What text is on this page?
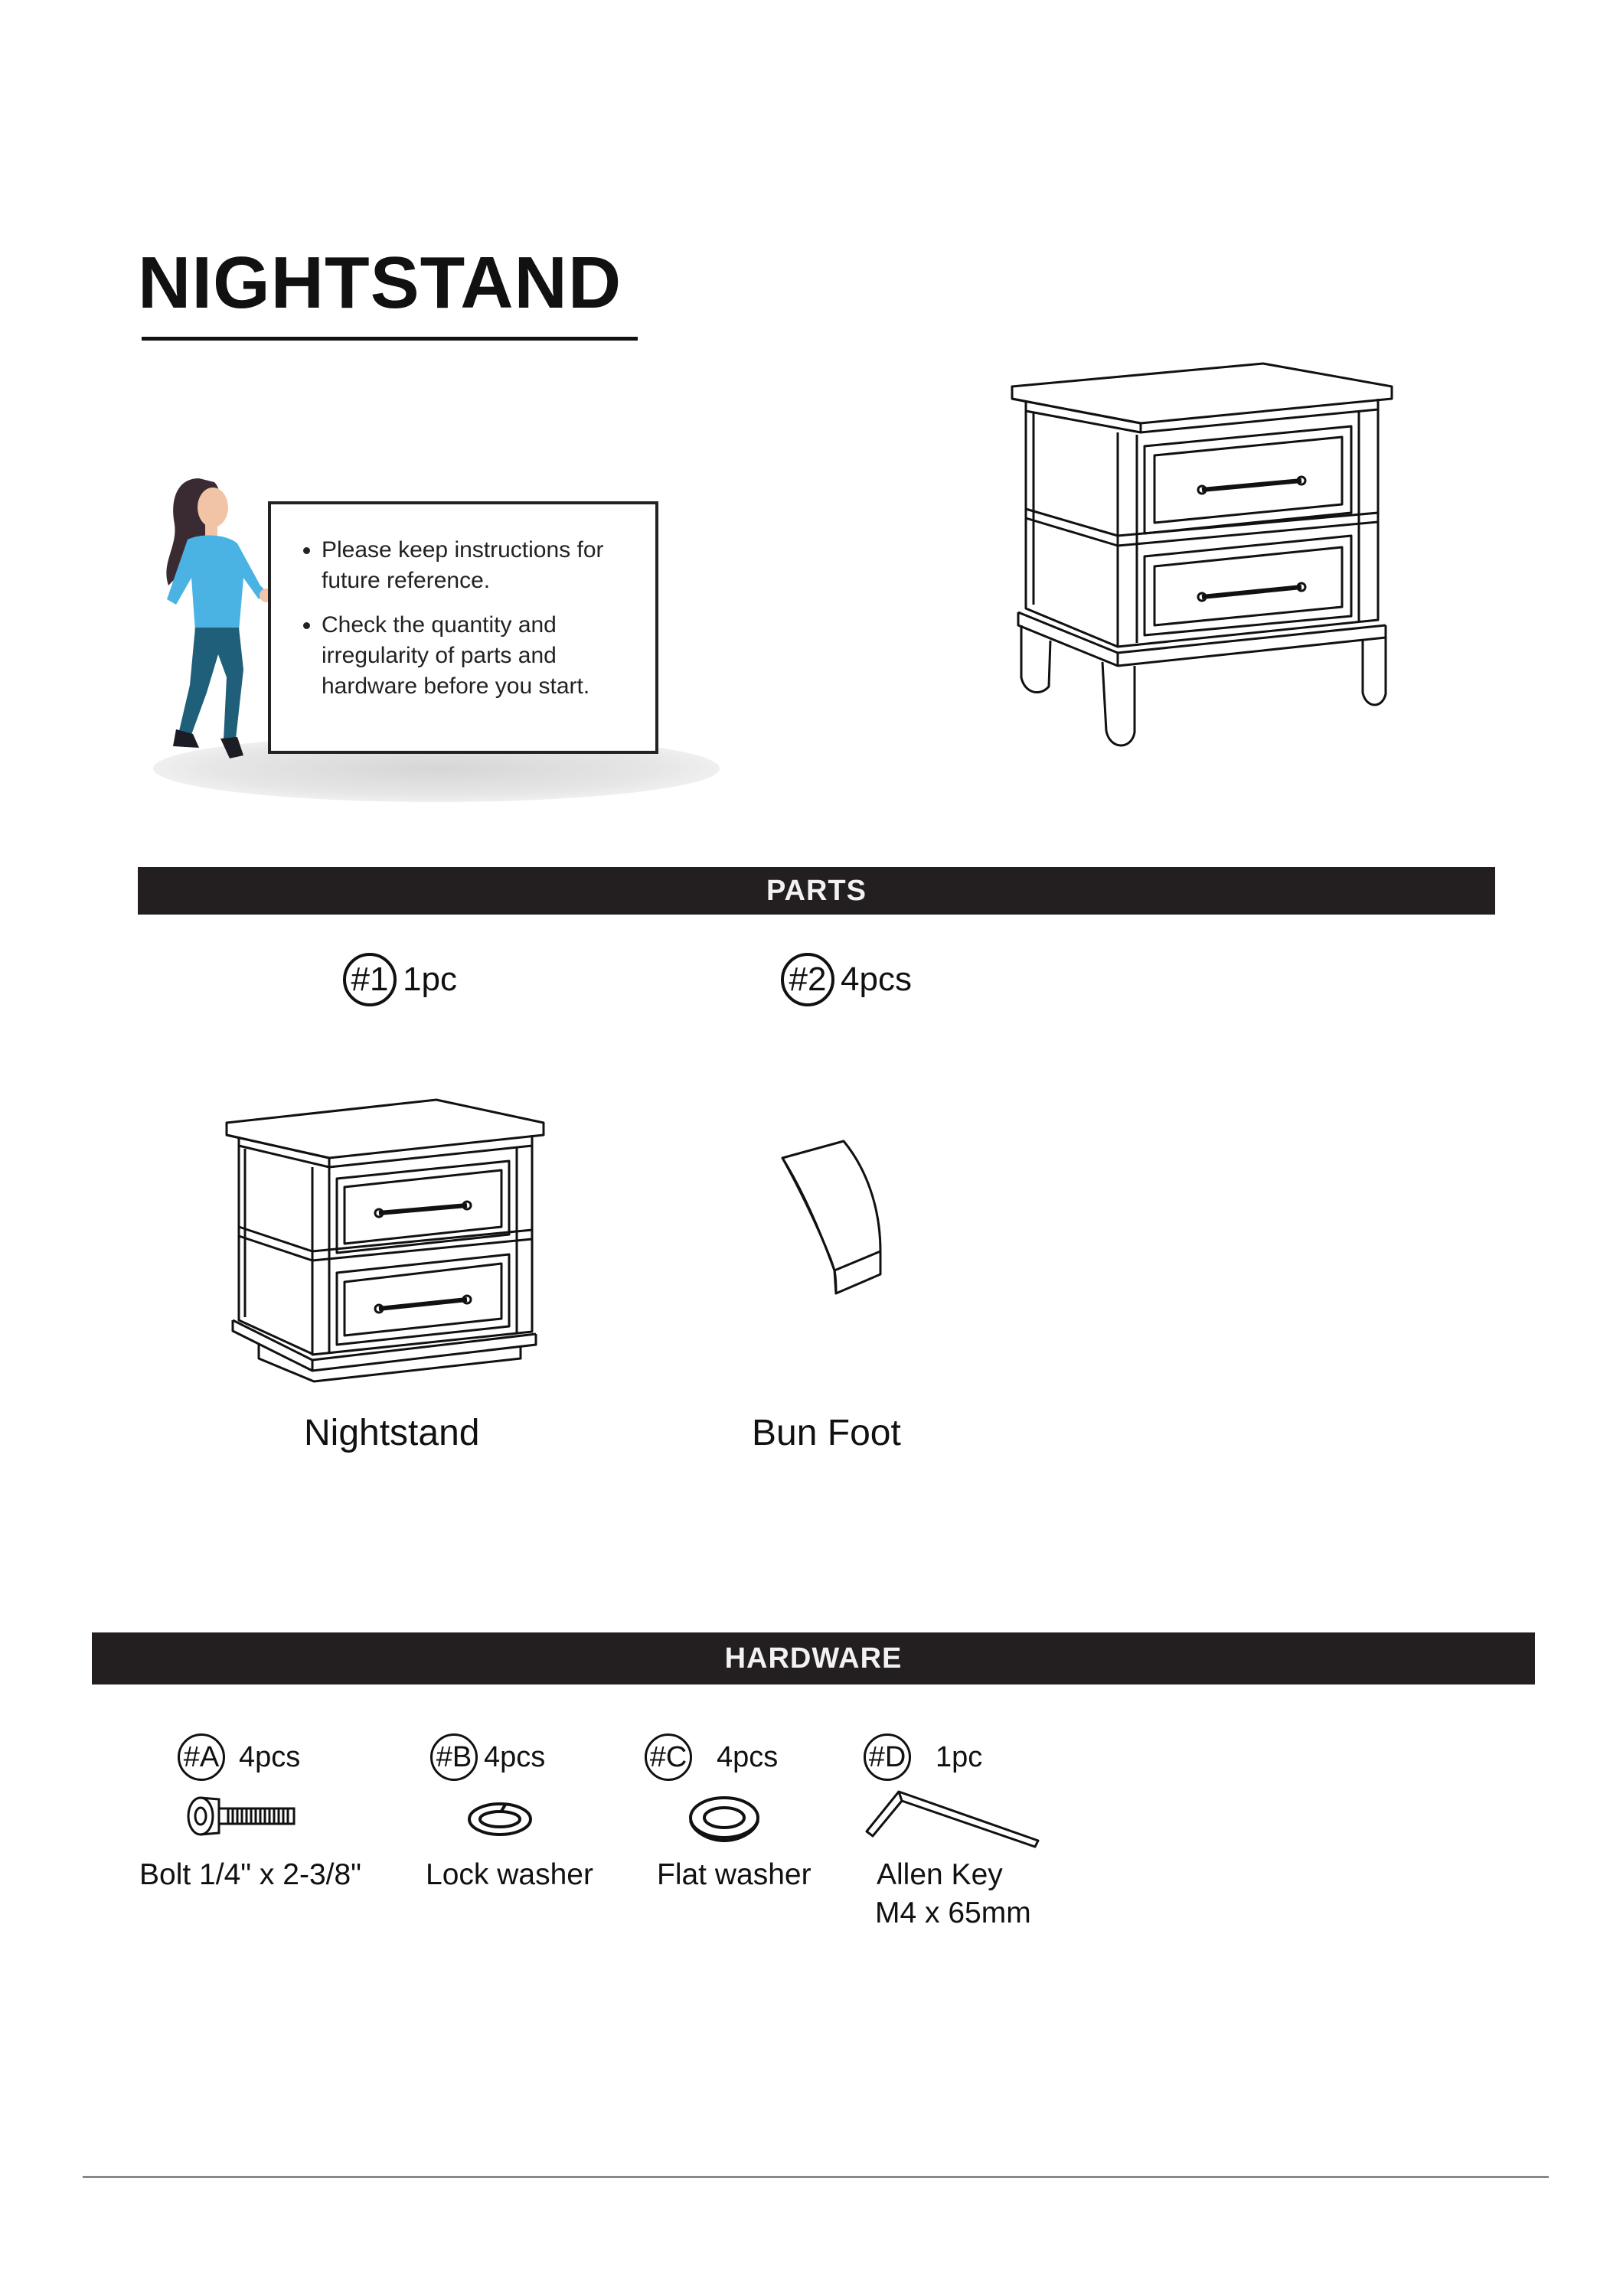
NIGHTSTAND
• Please keep instructions for future reference.
• Check the quantity and irregularity of parts and hardware before you start.
PARTS
#1 1pc	#2 4pcs
Nightstand	Bun Foot
HARDWARE
#A 4pcs
Bolt 1/4" x 2-3/8"
#B 4pcs
Lock washer
#C 4pcs
Flat washer
#D 1pc
Allen Key
M4 x 65mm
